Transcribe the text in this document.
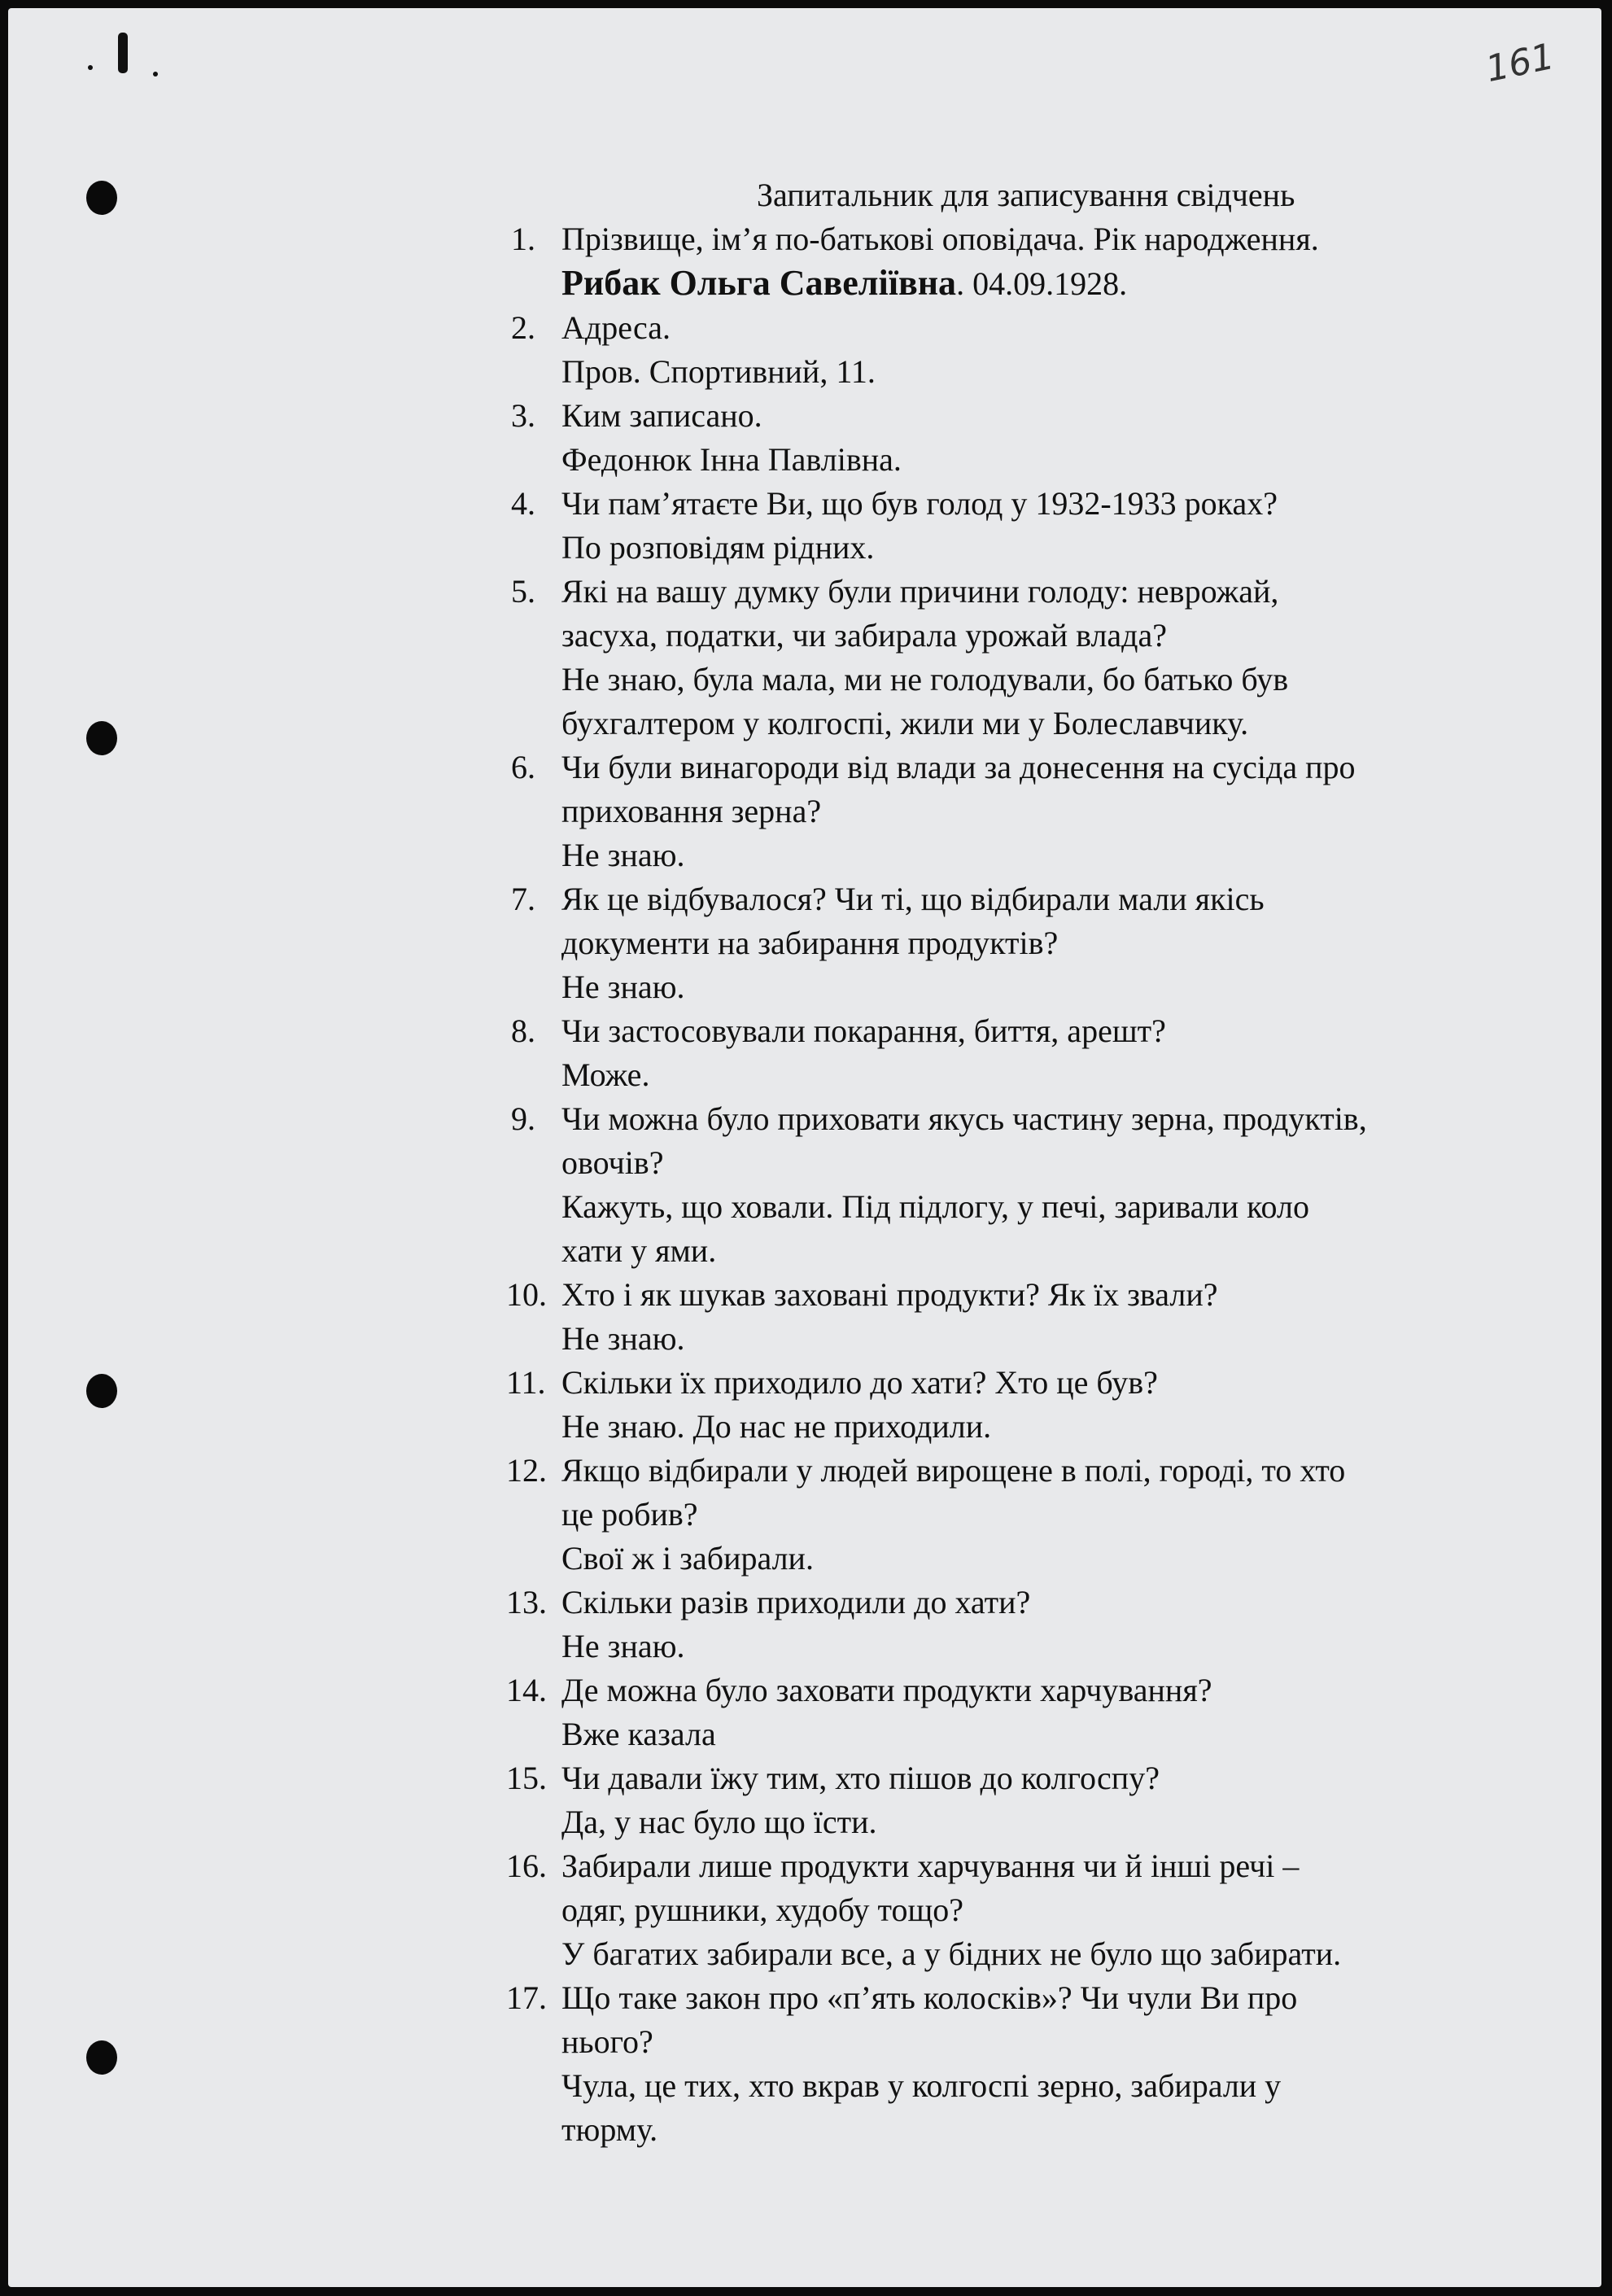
161
Запитальник для записування свідчень
1. Прізвище, ім’я по-батькові оповідача. Рік народження.
Рибак Ольга Савеліївна. 04.09.1928.
2. Адреса.
Пров. Спортивний, 11.
3. Ким записано.
Федонюк Інна Павлівна.
4. Чи пам’ятаєте Ви, що був голод у 1932-1933 роках?
По розповідям рідних.
5. Які на вашу думку були причини голоду: неврожай,
засуха, податки, чи забирала урожай влада?
Не знаю, була мала, ми не голодували, бо батько був
бухгалтером у колгоспі, жили ми у Болеславчику.
6. Чи були винагороди від влади за донесення на сусіда про
приховання зерна?
Не знаю.
7. Як це відбувалося? Чи ті, що відбирали мали якісь
документи на забирання продуктів?
Не знаю.
8. Чи застосовували покарання, биття, арешт?
Може.
9. Чи можна було приховати якусь частину зерна, продуктів,
овочів?
Кажуть, що ховали. Під підлогу, у печі, заривали коло
хати у ями.
10. Хто і як шукав заховані продукти? Як їх звали?
Не знаю.
11. Скільки їх приходило до хати? Хто це був?
Не знаю. До нас не приходили.
12. Якщо відбирали у людей вирощене в полі, городі, то хто
це робив?
Свої ж і забирали.
13. Скільки разів приходили до хати?
Не знаю.
14. Де можна було заховати продукти харчування?
Вже казала
15. Чи давали їжу тим, хто пішов до колгоспу?
Да, у нас було що їсти.
16. Забирали лише продукти харчування чи й інші речі –
одяг, рушники, худобу тощо?
У багатих забирали все, а у бідних не було що забирати.
17. Що таке закон про «п’ять колосків»? Чи чули Ви про
нього?
Чула, це тих, хто вкрав у колгоспі зерно, забирали у
тюрму.
